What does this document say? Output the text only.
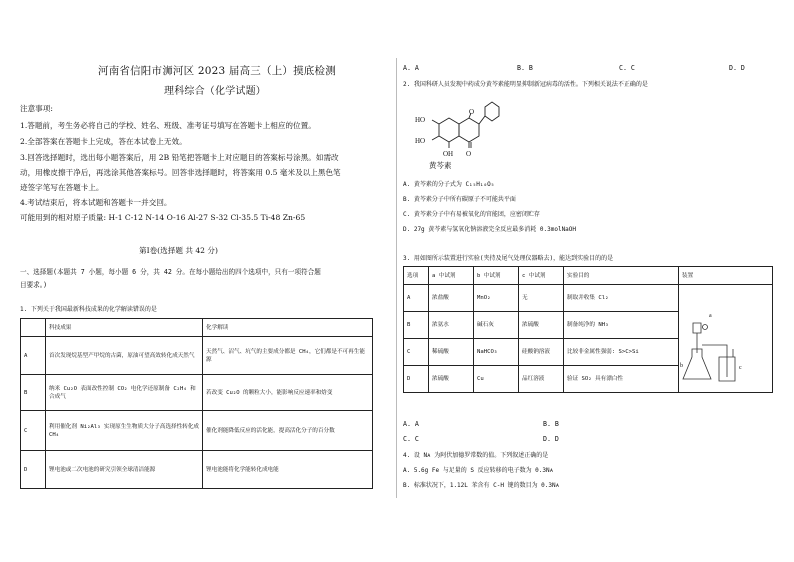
河南省信阳市浉河区 2023 届高三（上）摸底检测
理科综合（化学试题）
注意事项:
1.答题前，考生务必将自己的学校、姓名、班级、准考证号填写在答题卡上相应的位置。
2.全部答案在答题卡上完成，答在本试卷上无效。
3.回答选择题时，选出每小题答案后，用 2B 铅笔把答题卡上对应题目的答案标号涂黑。如需改
动，用橡皮擦干净后，再选涂其他答案标号。回答非选择题时，将答案用 0.5 毫米及以上黑色笔
迹签字笔写在答题卡上。
4.考试结束后，将本试题和答题卡一并交回。
可能用到的相对原子质量: H-1 C-12 N-14 O-16 Al-27 S-32 Cl-35.5 Ti-48 Zn-65
第Ⅰ卷(选择题 共 42 分)
一、选择题(本题共 7 小题，每小题 6 分，共 42 分。在每小题给出的四个选项中，只有一项符合题
目要求。)
1. 下列关于我国最新科技成果的化学解读错误的是
	科技成果	化学解读
A	首次发现烷基型产甲烷的古菌，原油可望高效转化成天然气	天然气、沼气、坑气的主要成分都是 CH₄，它们都是不可再生能源
B	纳米 Cu₂O 表面改性控制 CO₂ 电化学还原制备 C₂H₄ 和合成气	若改变 Cu₂O 的颗粒大小，能影响反应速率和焓变
C	利用催化剂 Ni₂Al₃ 实现原生生物质大分子高选择性转化成 CH₄	催化剂能降低反应的活化能，提高活化分子的百分数
D	锂电池或二次电池的研究引领全球清洁能源	锂电池能将化学能转化成电能
A. A	B. B	C. C	D. D
2. 我国科研人员发现中药成分黄芩素能明显抑制新冠病毒的活性。下列相关说法不正确的是
HO
HO
OH O
O
黄芩素
A. 黄芩素的分子式为 C₁₅H₁₀O₅
B. 黄芩素分子中所有碳原子不可能共平面
C. 黄芩素分子中有易被氧化的官能团，应密闭贮存
D. 27g 黄芩素与氢氧化钠溶液完全反应最多消耗 0.3molNaOH
3. 用如图所示装置进行实验(夹持及尾气处理仪器略去)，能达到实验目的的是
选项	a 中试剂	b 中试剂	c 中试剂	实验目的	装置
A	浓盐酸	MnO₂	无	制取并收集 Cl₂	a
b c

B	浓氨水	碱石灰	浓硫酸	制备纯净的 NH₃	
C	稀硫酸	NaHCO₃	硅酸钠溶液	比较非金属性强弱: S>C>Si	
D	浓硫酸	Cu	品红溶液	验证 SO₂ 具有漂白性	
A. A	B. B
C. C	D. D
4. 设 Nᴀ 为阿伏加德罗常数的值。下列叙述正确的是
A. 5.6g Fe 与足量的 S 反应转移的电子数为 0.3Nᴀ
B. 标准状况下，1.12L 苯含有 C-H 键的数目为 0.3Nᴀ
